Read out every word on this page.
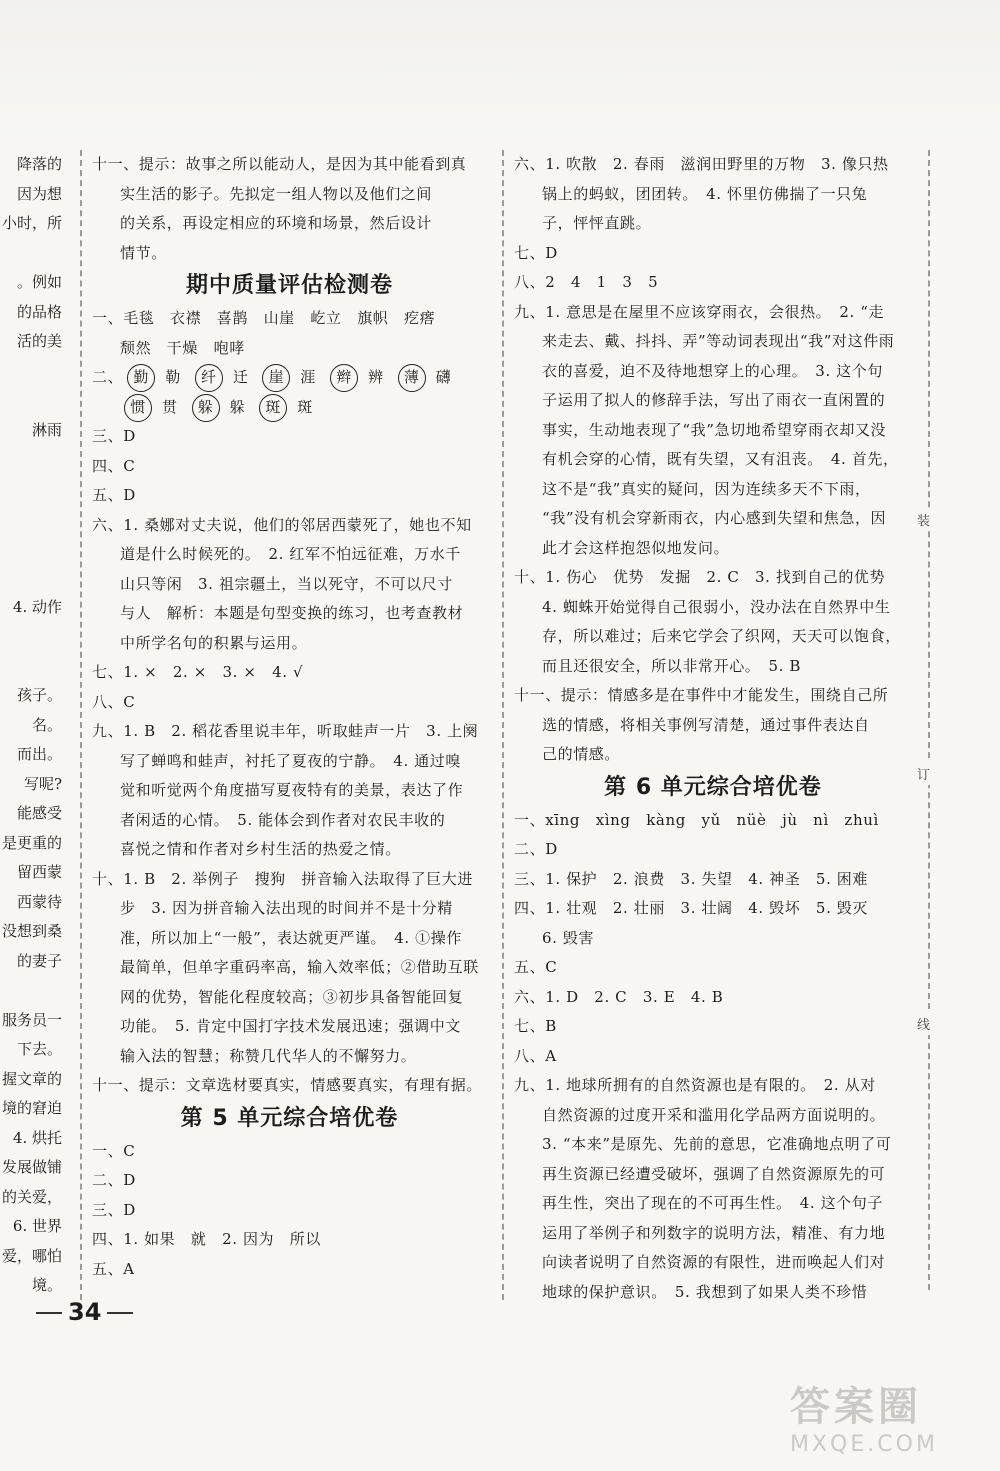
降落的
因为想
小时，所
。例如
的品格
活的美
淋雨
4. 动作
孩子。
名。
而出。
写呢?
能感受
是更重的
留西蒙
西蒙待
没想到桑
的妻子
服务员一
下去。
握文章的
境的窘迫
4. 烘托
发展做铺
的关爱，
6. 世界
爱，哪怕
境。
十一、提示：故事之所以能动人，是因为其中能看到真
实生活的影子。先拟定一组人物以及他们之间
的关系，再设定相应的环境和场景，然后设计
情节。
期中质量评估检测卷
一、毛毯　衣襟　喜鹊　山崖　屹立　旗帜　疙瘩
颓然　干燥　咆哮
二、 勤 勒 纤 迁 崖 涯 辫 辨 薄 礴
惯 贯 躲 躲 斑 斑
三、D
四、C
五、D
六、1. 桑娜对丈夫说，他们的邻居西蒙死了，她也不知
道是什么时候死的。　2. 红军不怕远征难，万水千
山只等闲　3. 祖宗疆土，当以死守，不可以尺寸
与人　解析：本题是句型变换的练习，也考查教材
中所学名句的积累与运用。
七、1. ×　2. ×　3. ×　4. √
八、C
九、1. B　2. 稻花香里说丰年，听取蛙声一片　3. 上阕
写了蝉鸣和蛙声，衬托了夏夜的宁静。　4. 通过嗅
觉和听觉两个角度描写夏夜特有的美景，表达了作
者闲适的心情。　5. 能体会到作者对农民丰收的
喜悦之情和作者对乡村生活的热爱之情。
十、1. B　2. 举例子　搜狗　拼音输入法取得了巨大进
步　3. 因为拼音输入法出现的时间并不是十分精
准，所以加上“一般”，表达就更严谨。　4. ①操作
最简单，但单字重码率高，输入效率低；②借助互联
网的优势，智能化程度较高；③初步具备智能回复
功能。　5. 肯定中国打字技术发展迅速；强调中文
输入法的智慧；称赞几代华人的不懈努力。
十一、提示：文章选材要真实，情感要真实，有理有据。
第 5 单元综合培优卷
一、C
二、D
三、D
四、1. 如果　就　2. 因为　所以
五、A
六、1. 吹散　2. 春雨　滋润田野里的万物　3. 像只热
锅上的蚂蚁，团团转。　4. 怀里仿佛揣了一只兔
子，怦怦直跳。
七、D
八、2　4　1　3　5
九、1. 意思是在屋里不应该穿雨衣，会很热。　2. “走
来走去、戴、抖抖、弄”等动词表现出“我”对这件雨
衣的喜爱，迫不及待地想穿上的心理。　3. 这个句
子运用了拟人的修辞手法，写出了雨衣一直闲置的
事实，生动地表现了“我”急切地希望穿雨衣却又没
有机会穿的心情，既有失望，又有沮丧。　4. 首先，
这不是“我”真实的疑问，因为连续多天不下雨，
“我”没有机会穿新雨衣，内心感到失望和焦急，因
此才会这样抱怨似地发问。
十、1. 伤心　优势　发掘　2. C　3. 找到自己的优势
4. 蜘蛛开始觉得自己很弱小，没办法在自然界中生
存，所以难过；后来它学会了织网，天天可以饱食，
而且还很安全，所以非常开心。　5. B
十一、提示：情感多是在事件中才能发生，围绕自己所
选的情感，将相关事例写清楚，通过事件表达自
己的情感。
第 6 单元综合培优卷
一、xīng　xìng　kàng　yǔ　nüè　jù　nì　zhuì
二、D
三、1. 保护　2. 浪费　3. 失望　4. 神圣　5. 困难
四、1. 壮观　2. 壮丽　3. 壮阔　4. 毁坏　5. 毁灭
6. 毁害
五、C
六、1. D　2. C　3. E　4. B
七、B
八、A
九、1. 地球所拥有的自然资源也是有限的。　2. 从对
自然资源的过度开采和滥用化学品两方面说明的。
3. “本来”是原先、先前的意思，它准确地点明了可
再生资源已经遭受破坏，强调了自然资源原先的可
再生性，突出了现在的不可再生性。　4. 这个句子
运用了举例子和列数字的说明方法，精准、有力地
向读者说明了自然资源的有限性，进而唤起人们对
地球的保护意识。　5. 我想到了如果人类不珍惜
装
订
线
34
答案圈
MXQE.COM
